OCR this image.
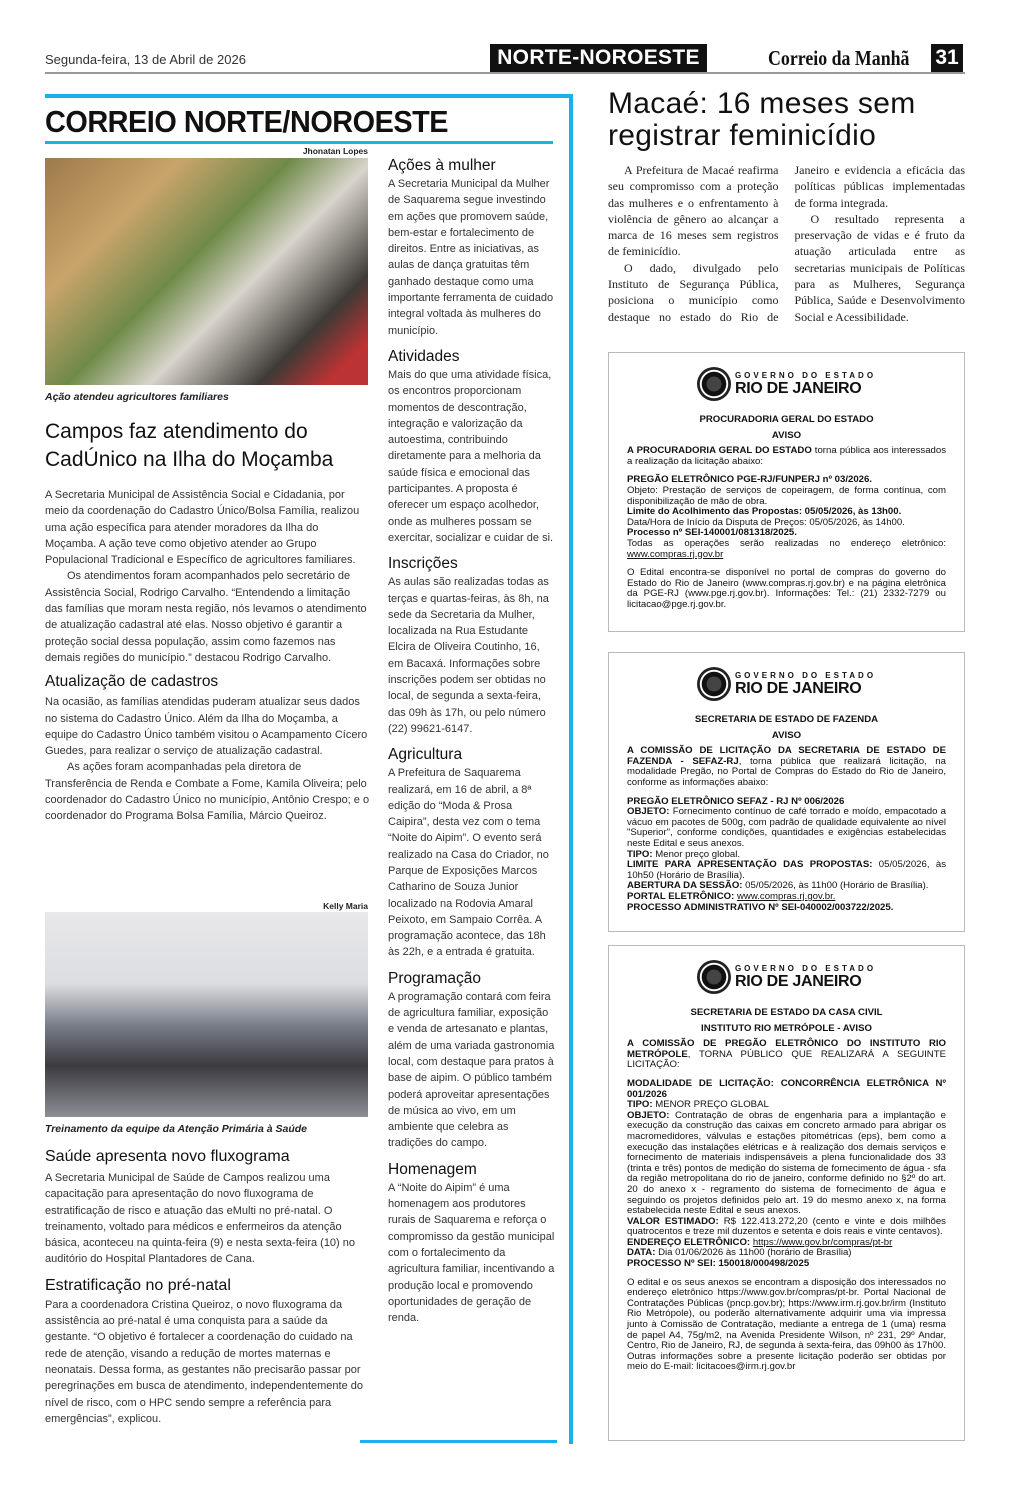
Segunda-feira, 13 de Abril de 2026	NORTE-NOROESTE	Correio da Manhã 31
CORREIO NORTE/NOROESTE
Jhonatan Lopes
Ação atendeu agricultores familiares
Campos faz atendimento do CadÚnico na Ilha do Moçamba

A Secretaria Municipal de Assistência Social e Cidadania, por meio da coordenação do Cadastro Único/Bolsa Família, realizou uma ação específica para atender moradores da Ilha do Moçamba. A ação teve como objetivo atender ao Grupo Populacional Tradicional e Específico de agricultores familiares.

Os atendimentos foram acompanhados pelo secretário de Assistência Social, Rodrigo Carvalho. “Entendendo a limitação das famílias que moram nesta região, nós levamos o atendimento de atualização cadastral até elas. Nosso objetivo é garantir a proteção social dessa população, assim como fazemos nas demais regiões do município.” destacou Rodrigo Carvalho.

Atualização de cadastros

Na ocasião, as famílias atendidas puderam atualizar seus dados no sistema do Cadastro Único. Além da Ilha do Moçamba, a equipe do Cadastro Único também visitou o Acampamento Cícero Guedes, para realizar o serviço de atualização cadastral.

As ações foram acompanhadas pela diretora de Transferência de Renda e Combate a Fome, Kamila Oliveira; pelo coordenador do Cadastro Único no município, Antônio Crespo; e o coordenador do Programa Bolsa Família, Márcio Queiroz.

Kelly Maria
Treinamento da equipe da Atenção Primária à Saúde
Saúde apresenta novo fluxograma

A Secretaria Municipal de Saúde de Campos realizou uma capacitação para apresentação do novo fluxograma de estratificação de risco e atuação das eMulti no pré-natal. O treinamento, voltado para médicos e enfermeiros da atenção básica, aconteceu na quinta-feira (9) e nesta sexta-feira (10) no auditório do Hospital Plantadores de Cana.

Estratificação no pré-natal

Para a coordenadora Cristina Queiroz, o novo fluxograma da assistência ao pré-natal é uma conquista para a saúde da gestante. “O objetivo é fortalecer a coordenação do cuidado na rede de atenção, visando a redução de mortes maternas e neonatais. Dessa forma, as gestantes não precisarão passar por peregrinações em busca de atendimento, independentemente do nível de risco, com o HPC sendo sempre a referência para emergências”, explicou.

Ações à mulher

A Secretaria Municipal da Mulher de Saquarema segue investindo em ações que promovem saúde, bem-estar e fortalecimento de direitos. Entre as iniciativas, as aulas de dança gratuitas têm ganhado destaque como uma importante ferramenta de cuidado integral voltada às mulheres do município.

Atividades

Mais do que uma atividade física, os encontros proporcionam momentos de descontração, integração e valorização da autoestima, contribuindo diretamente para a melhoria da saúde física e emocional das participantes. A proposta é oferecer um espaço acolhedor, onde as mulheres possam se exercitar, socializar e cuidar de si.

Inscrições

As aulas são realizadas todas as terças e quartas-feiras, às 8h, na sede da Secretaria da Mulher, localizada na Rua Estudante Elcira de Oliveira Coutinho, 16, em Bacaxá. Informações sobre inscrições podem ser obtidas no local, de segunda a sexta-feira, das 09h às 17h, ou pelo número (22) 99621-6147.

Agricultura

A Prefeitura de Saquarema realizará, em 16 de abril, a 8ª edição do “Moda & Prosa Caipira”, desta vez com o tema “Noite do Aipim”. O evento será realizado na Casa do Criador, no Parque de Exposições Marcos Catharino de Souza Junior localizado na Rodovia Amaral Peixoto, em Sampaio Corrêa. A programação acontece, das 18h às 22h, e a entrada é gratuita.

Programação

A programação contará com feira de agricultura familiar, exposição e venda de artesanato e plantas, além de uma variada gastronomia local, com destaque para pratos à base de aipim. O público também poderá aproveitar apresentações de música ao vivo, em um ambiente que celebra as tradições do campo.

Homenagem

A “Noite do Aipim” é uma homenagem aos produtores rurais de Saquarema e reforça o compromisso da gestão municipal com o fortalecimento da agricultura familiar, incentivando a produção local e promovendo oportunidades de geração de renda.

Macaé: 16 meses sem registrar feminicídio

A Prefeitura de Macaé reafirma seu compromisso com a proteção das mulheres e o enfrentamento à violência de gênero ao alcançar a marca de 16 meses sem registros de feminicídio.

O dado, divulgado pelo Instituto de Segurança Pública, posiciona o município como destaque no estado do Rio de Janeiro e evidencia a eficácia das políticas públicas implementadas de forma integrada.

O resultado representa a preservação de vidas e é fruto da atuação articulada entre as secretarias municipais de Políticas para as Mulheres, Segurança Pública, Saúde e Desenvolvimento Social e Acessibilidade.

GOVERNO DO ESTADO
RIO DE JANEIRO
PROCURADORIA GERAL DO ESTADO
AVISO
A PROCURADORIA GERAL DO ESTADO torna pública aos interessados a realização da licitação abaixo:
PREGÃO ELETRÔNICO PGE-RJ/FUNPERJ nº 03/2026.
Objeto: Prestação de serviços de copeiragem, de forma contínua, com disponibilização de mão de obra.
Limite do Acolhimento das Propostas: 05/05/2026, às 13h00.
Data/Hora de Início da Disputa de Preços: 05/05/2026, às 14h00.
Processo nº SEI-140001/081318/2025.
Todas as operações serão realizadas no endereço eletrônico: www.compras.rj.gov.br
O Edital encontra-se disponível no portal de compras do governo do Estado do Rio de Janeiro (www.compras.rj.gov.br) e na página eletrônica da PGE-RJ (www.pge.rj.gov.br). Informações: Tel.: (21) 2332-7279 ou licitacao@pge.rj.gov.br.
GOVERNO DO ESTADO
RIO DE JANEIRO
SECRETARIA DE ESTADO DE FAZENDA
AVISO
A COMISSÃO DE LICITAÇÃO DA SECRETARIA DE ESTADO DE FAZENDA - SEFAZ-RJ, torna pública que realizará licitação, na modalidade Pregão, no Portal de Compras do Estado do Rio de Janeiro, conforme as informações abaixo:
PREGÃO ELETRÔNICO SEFAZ - RJ Nº 006/2026
OBJETO: Fornecimento contínuo de café torrado e moído, empacotado a vácuo em pacotes de 500g, com padrão de qualidade equivalente ao nível "Superior", conforme condições, quantidades e exigências estabelecidas neste Edital e seus anexos.
TIPO: Menor preço global.
LIMITE PARA APRESENTAÇÃO DAS PROPOSTAS: 05/05/2026, às 10h50 (Horário de Brasília).
ABERTURA DA SESSÃO: 05/05/2026, às 11h00 (Horário de Brasília).
PORTAL ELETRÔNICO: www.compras.rj.gov.br.
PROCESSO ADMINISTRATIVO Nº SEI-040002/003722/2025.
GOVERNO DO ESTADO
RIO DE JANEIRO
SECRETARIA DE ESTADO DA CASA CIVIL
INSTITUTO RIO METRÓPOLE - AVISO
A COMISSÃO DE PREGÃO ELETRÔNICO DO INSTITUTO RIO METRÓPOLE, TORNA PÚBLICO QUE REALIZARÁ A SEGUINTE LICITAÇÃO:
MODALIDADE DE LICITAÇÃO: CONCORRÊNCIA ELETRÔNICA Nº 001/2026
TIPO: MENOR PREÇO GLOBAL
OBJETO: Contratação de obras de engenharia para a implantação e execução da construção das caixas em concreto armado para abrigar os macromedidores, válvulas e estações pitométricas (eps), bem como a execução das instalações elétricas e à realização dos demais serviços e fornecimento de materiais indispensáveis a plena funcionalidade dos 33 (trinta e três) pontos de medição do sistema de fornecimento de água - sfa da região metropolitana do rio de janeiro, conforme definido no §2º do art. 20 do anexo x - regramento do sistema de fornecimento de água e seguindo os projetos definidos pelo art. 19 do mesmo anexo x, na forma estabelecida neste Edital e seus anexos.
VALOR ESTIMADO: R$ 122.413.272,20 (cento e vinte e dois milhões quatrocentos e treze mil duzentos e setenta e dois reais e vinte centavos).
ENDEREÇO ELETRÔNICO: https://www.gov.br/compras/pt-br
DATA: Dia 01/06/2026 às 11h00 (horário de Brasília)
PROCESSO Nº SEI: 150018/000498/2025
O edital e os seus anexos se encontram a disposição dos interessados no endereço eletrônico https://www.gov.br/compras/pt-br. Portal Nacional de Contratações Públicas (pncp.gov.br); https://www.irm.rj.gov.br/irm (Instituto Rio Metrópole), ou poderão alternativamente adquirir uma via impressa junto à Comissão de Contratação, mediante a entrega de 1 (uma) resma de papel A4, 75g/m2, na Avenida Presidente Wilson, nº 231, 29º Andar, Centro, Rio de Janeiro, RJ, de segunda à sexta-feira, das 09h00 às 17h00. Outras informações sobre a presente licitação poderão ser obtidas por meio do E-mail: licitacoes@irm.rj.gov.br
